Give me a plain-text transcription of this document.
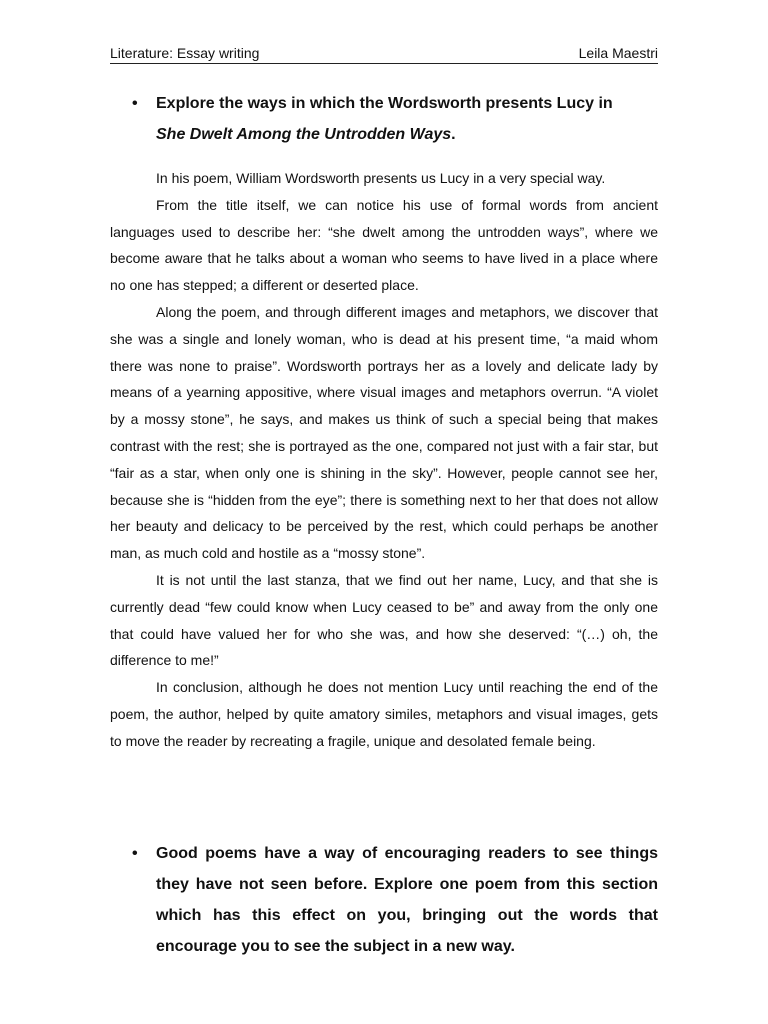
Literature: Essay writing	Leila Maestri
• Explore the ways in which the Wordsworth presents Lucy in
She Dwelt Among the Untrodden Ways.

In his poem, William Wordsworth presents us Lucy in a very special way.

From the title itself, we can notice his use of formal words from ancient languages used to describe her: “she dwelt among the untrodden ways”, where we become aware that he talks about a woman who seems to have lived in a place where no one has stepped; a different or deserted place.

Along the poem, and through different images and metaphors, we discover that she was a single and lonely woman, who is dead at his present time, “a maid whom there was none to praise”. Wordsworth portrays her as a lovely and delicate lady by means of a yearning appositive, where visual images and metaphors overrun. “A violet by a mossy stone”, he says, and makes us think of such a special being that makes contrast with the rest; she is portrayed as the one, compared not just with a fair star, but “fair as a star, when only one is shining in the sky”. However, people cannot see her, because she is “hidden from the eye”; there is something next to her that does not allow her beauty and delicacy to be perceived by the rest, which could perhaps be another man, as much cold and hostile as a “mossy stone”.

It is not until the last stanza, that we find out her name, Lucy, and that she is currently dead “few could know when Lucy ceased to be” and away from the only one that could have valued her for who she was, and how she deserved: “(…) oh, the difference to me!”

In conclusion, although he does not mention Lucy until reaching the end of the poem, the author, helped by quite amatory similes, metaphors and visual images, gets to move the reader by recreating a fragile, unique and desolated female being.

• Good poems have a way of encouraging readers to see things they have not seen before. Explore one poem from this section which has this effect on you, bringing out the words that encourage you to see the subject in a new way.
